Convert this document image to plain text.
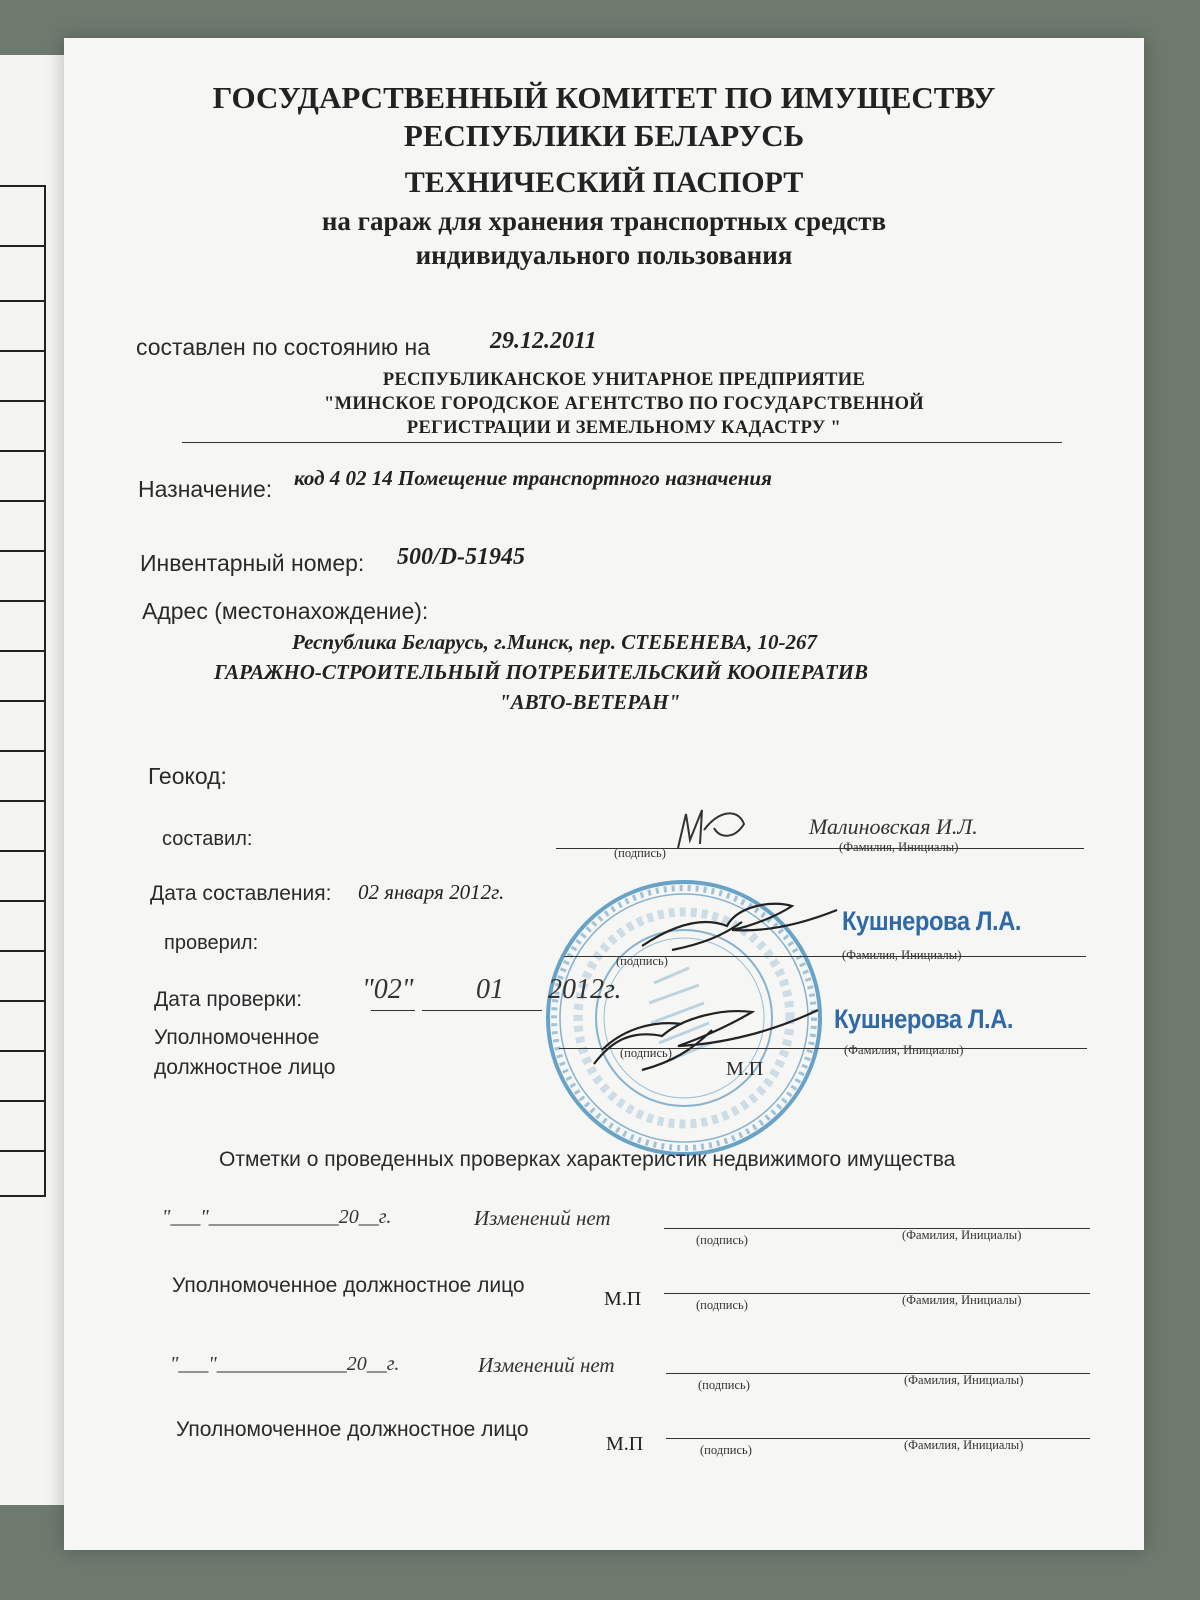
ГОСУДАРСТВЕННЫЙ КОМИТЕТ ПО ИМУЩЕСТВУ
РЕСПУБЛИКИ БЕЛАРУСЬ
ТЕХНИЧЕСКИЙ ПАСПОРТ
на гараж для хранения транспортных средств
индивидуального пользования
составлен по состоянию на 29.12.2011
РЕСПУБЛИКАНСКОЕ УНИТАРНОЕ ПРЕДПРИЯТИЕ
"МИНСКОЕ ГОРОДСКОЕ АГЕНТСТВО ПО ГОСУДАРСТВЕННОЙ
РЕГИСТРАЦИИ И ЗЕМЕЛЬНОМУ КАДАСТРУ "
Назначение: код 4 02 14 Помещение транспортного назначения
Инвентарный номер: 500/D-51945
Адрес (местонахождение):
Республика Беларусь, г.Минск, пер. СТЕБЕНЕВА, 10-267
ГАРАЖНО-СТРОИТЕЛЬНЫЙ ПОТРЕБИТЕЛЬСКИЙ КООПЕРАТИВ
"АВТО-ВЕТЕРАН"
Геокод:
составил:	Малиновская И.Л.
(подпись)	(Фамилия, Инициалы)
Дата составления: 02 января 2012г.
проверил:
Кушнерова Л.А.
(подпись)	(Фамилия, Инициалы)
Дата проверки: "02" 01 2012г.
Уполномоченное
должностное лицо
Кушнерова Л.А.
(подпись)	(Фамилия, Инициалы)
М.П
Отметки о проведенных проверках характеристик недвижимого имущества
"___"_____________20__г.	Изменений нет
(подпись)	(Фамилия, Инициалы)
Уполномоченное должностное лицо
М.П	(подпись)	(Фамилия, Инициалы)
"___"_____________20__г.	Изменений нет
(подпись)	(Фамилия, Инициалы)
Уполномоченное должностное лицо
М.П	(подпись)	(Фамилия, Инициалы)
